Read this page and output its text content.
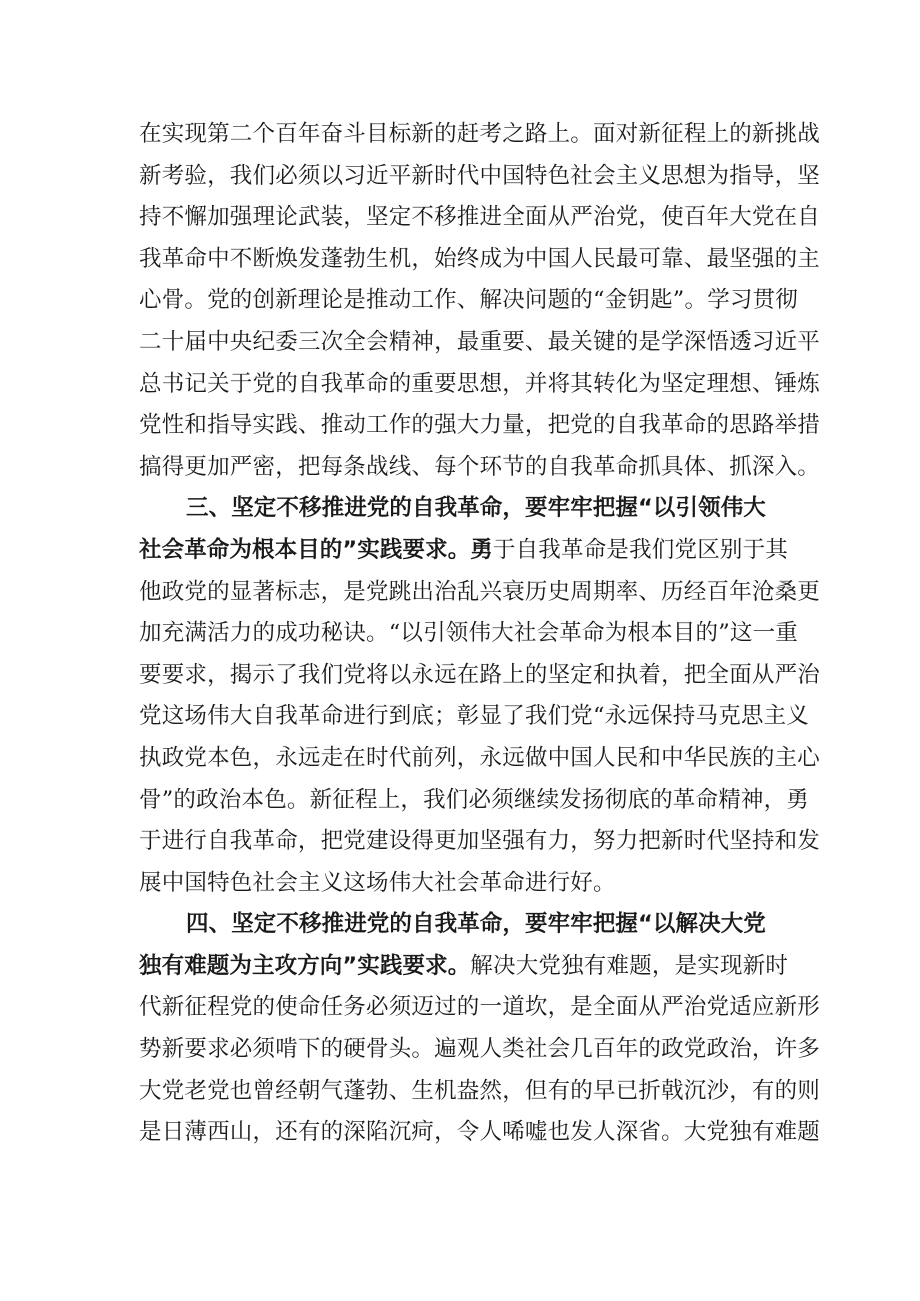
在实现第二个百年奋斗目标新的赶考之路上。面对新征程上的新挑战
新考验，我们必须以习近平新时代中国特色社会主义思想为指导，坚
持不懈加强理论武装，坚定不移推进全面从严治党，使百年大党在自
我革命中不断焕发蓬勃生机，始终成为中国人民最可靠、最坚强的主
心骨。党的创新理论是推动工作、解决问题的“金钥匙”。学习贯彻
二十届中央纪委三次全会精神，最重要、最关键的是学深悟透习近平
总书记关于党的自我革命的重要思想，并将其转化为坚定理想、锤炼
党性和指导实践、推动工作的强大力量，把党的自我革命的思路举措
搞得更加严密，把每条战线、每个环节的自我革命抓具体、抓深入。
三、坚定不移推进党的自我革命，要牢牢把握“以引领伟大
社会革命为根本目的”实践要求。勇于自我革命是我们党区别于其
他政党的显著标志，是党跳出治乱兴衰历史周期率、历经百年沧桑更
加充满活力的成功秘诀。“以引领伟大社会革命为根本目的”这一重
要要求，揭示了我们党将以永远在路上的坚定和执着，把全面从严治
党这场伟大自我革命进行到底；彰显了我们党“永远保持马克思主义
执政党本色，永远走在时代前列，永远做中国人民和中华民族的主心
骨”的政治本色。新征程上，我们必须继续发扬彻底的革命精神，勇
于进行自我革命，把党建设得更加坚强有力，努力把新时代坚持和发
展中国特色社会主义这场伟大社会革命进行好。
四、坚定不移推进党的自我革命，要牢牢把握“以解决大党
独有难题为主攻方向”实践要求。解决大党独有难题，是实现新时
代新征程党的使命任务必须迈过的一道坎，是全面从严治党适应新形
势新要求必须啃下的硬骨头。遍观人类社会几百年的政党政治，许多
大党老党也曾经朝气蓬勃、生机盎然，但有的早已折戟沉沙，有的则
是日薄西山，还有的深陷沉疴，令人唏嘘也发人深省。大党独有难题
